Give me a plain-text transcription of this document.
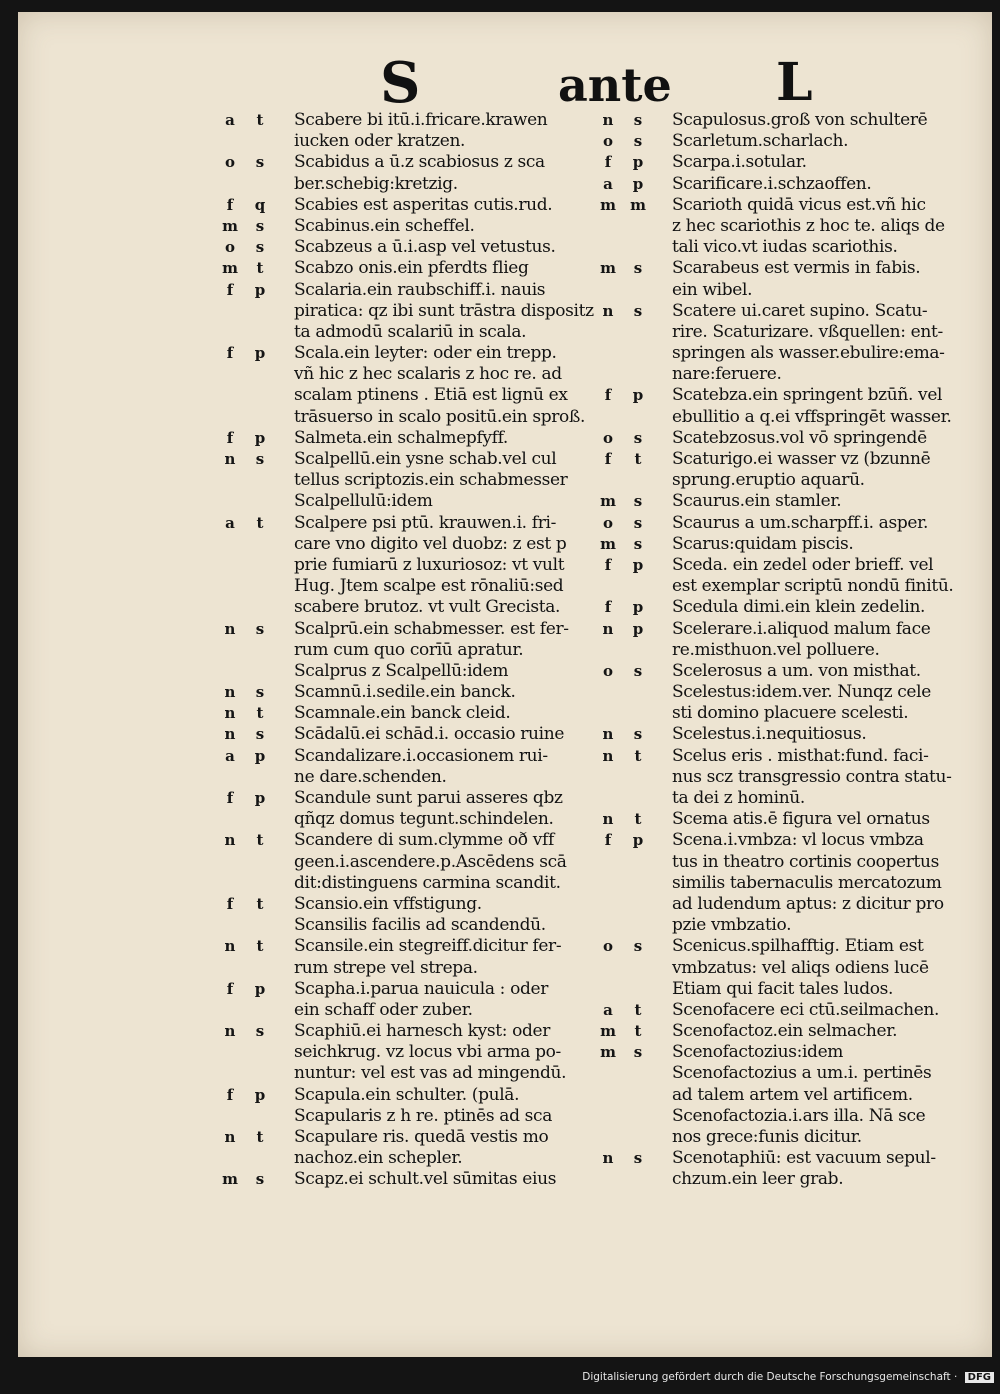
S	ante L
a	t Scabere bi itū.i.fricare.krawen
iucken oder kratzen.
o s Scabidus a ū.z scabiosus z sca
ber.schebig:kretzig.
f	q Scabies est asperitas cutis.rud.
m s Scabinus.ein scheffel.
o s Scabzeus a ū.i.asp vel vetustus.
m	t Scabzo onis.ein pferdts flieg
f	p Scalaria.ein raubschiff.i. nauis
piratica: qz ibi sunt trāstra dispositz
ta admodū scalariū in scala.
f	p Scala.ein leyter: oder ein trepp.
vñ hic z hec scalaris z hoc re. ad
scalam ptinens . Etiā est lignū ex
trāsuerso in scalo positū.ein sproß.
f	p Salmeta.ein schalmepfyff.
n s Scalpellū.ein ysne schab.vel cul
tellus scriptozis.ein schabmesser
Scalpellulū:idem
a	t Scalpere psi ptū. krauwen.i. fri-
care vno digito vel duobz: z est p
prie fumiarū z luxuriosoz: vt vult
Hug. Jtem scalpe est rōnaliū:sed
scabere brutoz. vt vult Grecista.
n s Scalprū.ein schabmesser. est fer-
rum cum quo corīū apratur.
Scalprus z Scalpellū:idem
n s Scamnū.i.sedile.ein banck.
n	t Scamnale.ein banck cleid.
n s Scādalū.ei schād.i. occasio ruine
a p Scandalizare.i.occasionem rui-
ne dare.schenden.
f	p Scandule sunt parui asseres qbz
qñqz domus tegunt.schindelen.
n	t Scandere di sum.clymme oð vff
geen.i.ascendere.p.Ascēdens scā
dit:distinguens carmina scandit.
f	t Scansio.ein vffstigung.
Scansilis facilis ad scandendū.
n	t Scansile.ein stegreiff.dicitur fer-
rum strepe vel strepa.
f	p Scapha.i.parua nauicula : oder
ein schaff oder zuber.
n s Scaphiū.ei harnesch kyst: oder
seichkrug. vz locus vbi arma po-
nuntur: vel est vas ad mingendū.
f	p Scapula.ein schulter. (pulā.
Scapularis z h re. ptinēs ad sca
n	t Scapulare ris. quedā vestis mo
nachoz.ein schepler.
m s Scapz.ei schult.vel sūmitas eius
n s Scapulosus.groß von schulterē
o s Scarletum.scharlach.
f	p Scarpa.i.sotular.
a p Scarificare.i.schzaoffen.
m m Scarioth quidā vicus est.vñ hic
z hec scariothis z hoc te. aliqs de
tali vico.vt iudas scariothis.
m s Scarabeus est vermis in fabis.
ein wibel.
n s Scatere ui.caret supino. Scatu-
rire. Scaturizare. vßquellen: ent-
springen als wasser.ebulire:ema-
nare:feruere.
f	p Scatebza.ein springent bzūñ. vel
ebullitio a q.ei vffspringēt wasser.
o s Scatebzosus.vol vō springendē
f	t Scaturigo.ei wasser vz (bzunnē
sprung.eruptio aquarū.
m s Scaurus.ein stamler.
o s Scaurus a um.scharpff.i. asper.
m s Scarus:quidam piscis.
f	p Sceda. ein zedel oder brieff. vel
est exemplar scriptū nondū finitū.
f	p Scedula dimi.ein klein zedelin.
n p Scelerare.i.aliquod malum face
re.misthuon.vel polluere.
o s Scelerosus a um. von misthat.
Scelestus:idem.ver. Nunqz cele
sti domino placuere scelesti.
n s Scelestus.i.nequitiosus.
n	t Scelus eris . misthat:fund. faci-
nus scz transgressio contra statu-
ta dei z hominū.
n	t Scema atis.ē figura vel ornatus
f	p Scena.i.vmbza: vl locus vmbza
tus in theatro cortinis coopertus
similis tabernaculis mercatozum
ad ludendum aptus: z dicitur pro
pzie vmbzatio.
o s Scenicus.spilhafftig. Etiam est
vmbzatus: vel aliqs odiens lucē
Etiam qui facit tales ludos.
a	t Scenofacere eci ctū.seilmachen.
m	t Scenofactoz.ein selmacher.
m s Scenofactozius:idem
Scenofactozius a um.i. pertinēs
ad talem artem vel artificem.
Scenofactozia.i.ars illa. Nā sce
nos grece:funis dicitur.
n s Scenotaphiū: est vacuum sepul-
chzum.ein leer grab.
Digitalisierung gefördert durch die Deutsche Forschungsgemeinschaft · DFG
